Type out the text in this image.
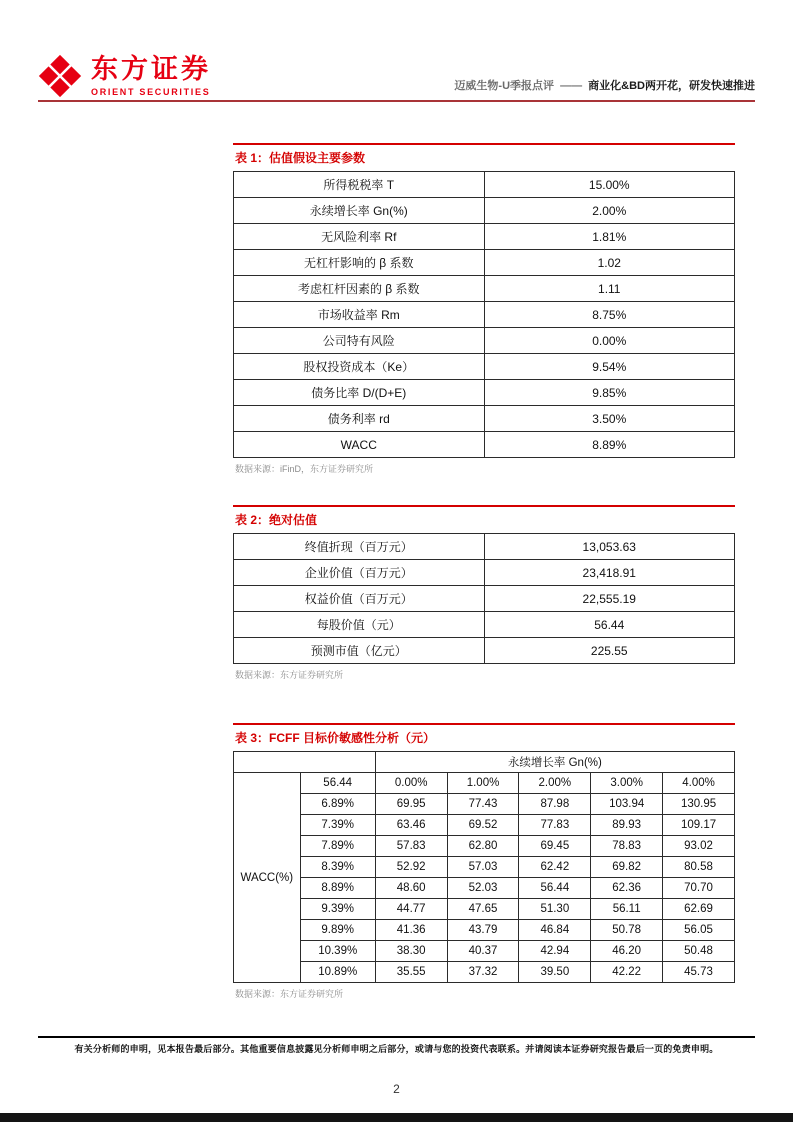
东方证券
ORIENT SECURITIES	迈威生物-U季报点评 —— 商业化&BD两开花，研发快速推进
表 1：估值假设主要参数
所得税税率 T	15.00%
永续增长率 Gn(%)	2.00%
无风险利率 Rf	1.81%
无杠杆影响的 β 系数	1.02
考虑杠杆因素的 β 系数	1.11
市场收益率 Rm	8.75%
公司特有风险	0.00%
股权投资成本（Ke）	9.54%
债务比率 D/(D+E)	9.85%
债务利率 rd	3.50%
WACC	8.89%
数据来源：iFinD，东方证券研究所
表 2：绝对估值
终值折现（百万元）	13,053.63
企业价值（百万元）	23,418.91
权益价值（百万元）	22,555.19
每股价值（元）	56.44
预测市值（亿元）	225.55
数据来源：东方证券研究所
表 3：FCFF 目标价敏感性分析（元）
		永续增长率 Gn(%)				
WACC(%)	56.44	0.00%	1.00%	2.00%	3.00%	4.00%
	6.89%	69.95	77.43	87.98	103.94	130.95
	7.39%	63.46	69.52	77.83	89.93	109.17
	7.89%	57.83	62.80	69.45	78.83	93.02
	8.39%	52.92	57.03	62.42	69.82	80.58
	8.89%	48.60	52.03	56.44	62.36	70.70
	9.39%	44.77	47.65	51.30	56.11	62.69
	9.89%	41.36	43.79	46.84	50.78	56.05
	10.39%	38.30	40.37	42.94	46.20	50.48
	10.89%	35.55	37.32	39.50	42.22	45.73
数据来源：东方证券研究所
有关分析师的申明，见本报告最后部分。其他重要信息披露见分析师申明之后部分，或请与您的投资代表联系。并请阅读本证券研究报告最后一页的免责申明。
2
